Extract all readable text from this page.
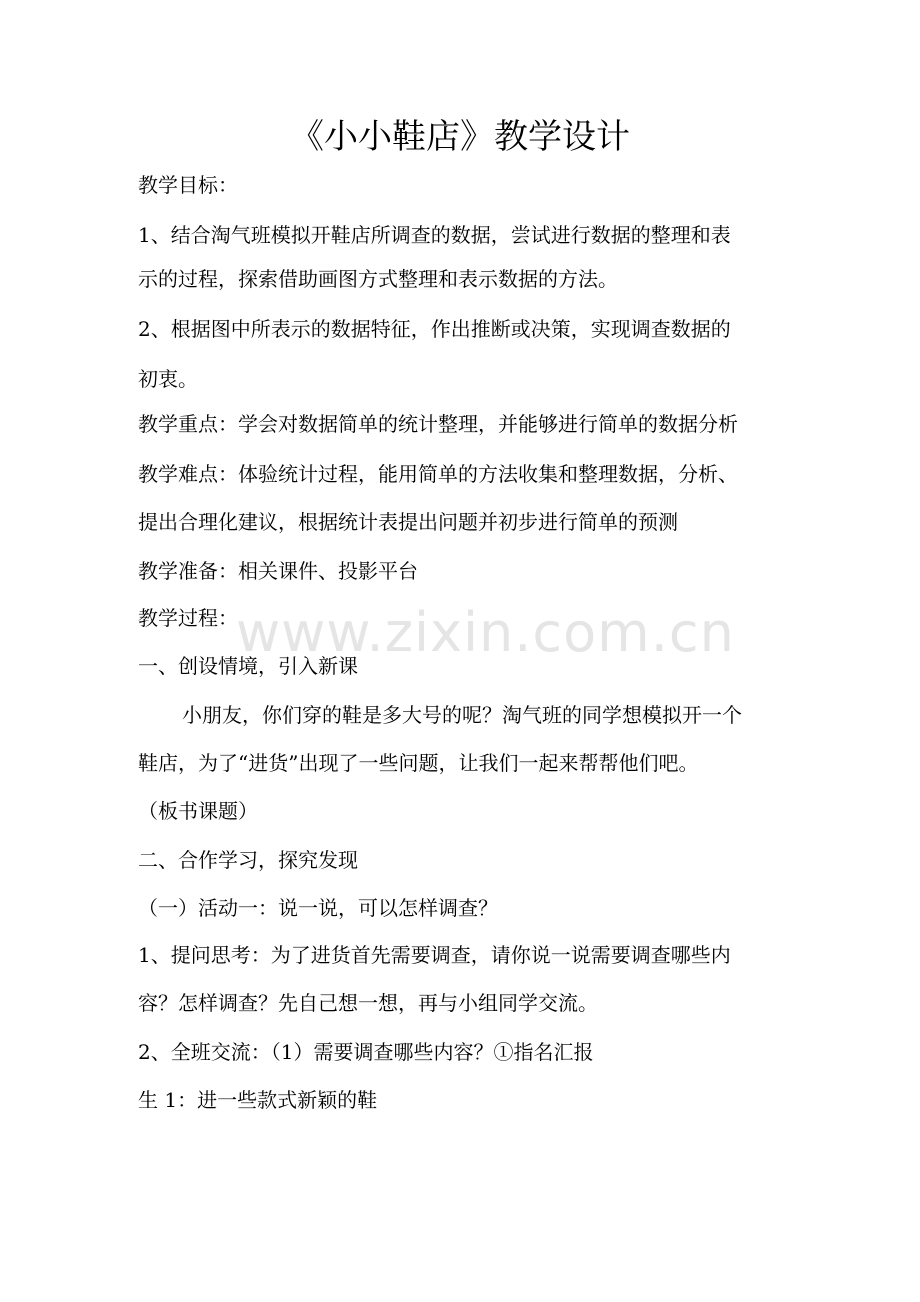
《小小鞋店》教学设计
教学目标：
1、结合淘气班模拟开鞋店所调查的数据，尝试进行数据的整理和表
示的过程，探索借助画图方式整理和表示数据的方法。
2、根据图中所表示的数据特征，作出推断或决策，实现调查数据的
初衷。
教学重点：学会对数据简单的统计整理，并能够进行简单的数据分析
教学难点：体验统计过程，能用简单的方法收集和整理数据，分析、
提出合理化建议，根据统计表提出问题并初步进行简单的预测
教学准备：相关课件、投影平台
教学过程：
一、创设情境，引入新课
小朋友，你们穿的鞋是多大号的呢？淘气班的同学想模拟开一个
鞋店，为了“进货”出现了一些问题，让我们一起来帮帮他们吧。
（板书课题）
二、合作学习，探究发现
（一）活动一：说一说，可以怎样调查？
1、提问思考：为了进货首先需要调查，请你说一说需要调查哪些内
容？怎样调查？先自己想一想，再与小组同学交流。
2、全班交流：（1）需要调查哪些内容？①指名汇报
生 1：进一些款式新颖的鞋
www.zixin.com.cn
